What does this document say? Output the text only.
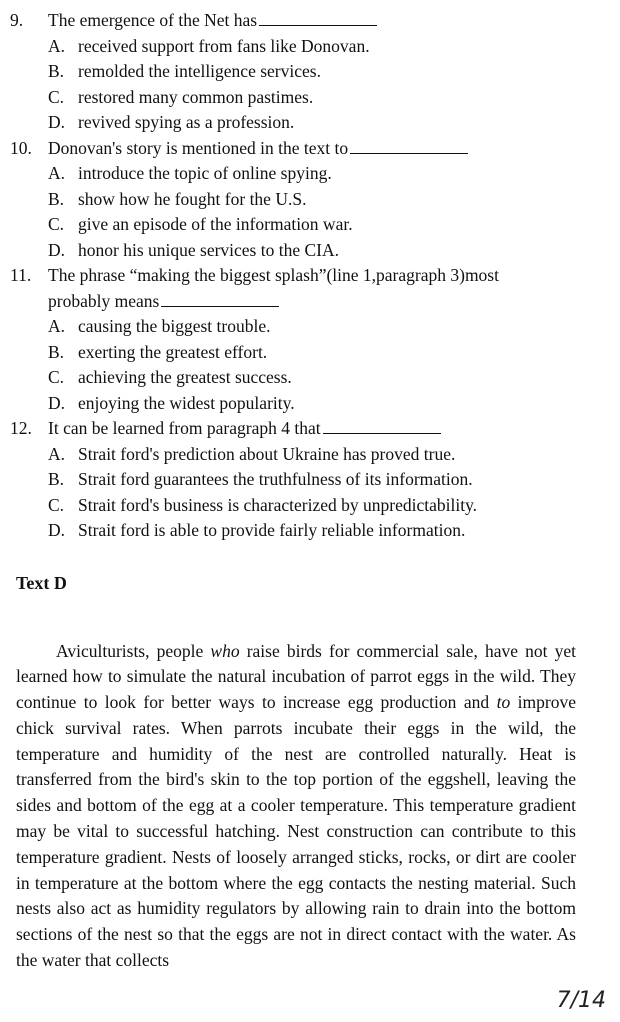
9. The emergence of the Net has
A. received support from fans like Donovan.
B. remolded the intelligence services.
C. restored many common pastimes.
D. revived spying as a profession.
10. Donovan's story is mentioned in the text to
A. introduce the topic of online spying.
B. show how he fought for the U.S.
C. give an episode of the information war.
D. honor his unique services to the CIA.
11. The phrase “making the biggest splash”(line 1,paragraph 3)most
probably means
A. causing the biggest trouble.
B. exerting the greatest effort.
C. achieving the greatest success.
D. enjoying the widest popularity.
12. It can be learned from paragraph 4 that
A. Strait ford's prediction about Ukraine has proved true.
B. Strait ford guarantees the truthfulness of its information.
C. Strait ford's business is characterized by unpredictability.
D. Strait ford is able to provide fairly reliable information.
Text D

Aviculturists, people who raise birds for commercial sale, have not yet learned how to simulate the natural incubation of parrot eggs in the wild. They continue to look for better ways to increase egg production and to improve chick survival rates. When parrots incubate their eggs in the wild, the temperature and humidity of the nest are controlled naturally. Heat is transferred from the bird's skin to the top portion of the eggshell, leaving the sides and bottom of the egg at a cooler temperature. This temperature gradient may be vital to successful hatching. Nest construction can contribute to this temperature gradient. Nests of loosely arranged sticks, rocks, or dirt are cooler in temperature at the bottom where the egg contacts the nesting material. Such nests also act as humidity regulators by allowing rain to drain into the bottom sections of the nest so that the eggs are not in direct contact with the water. As the water that collects

7/14
